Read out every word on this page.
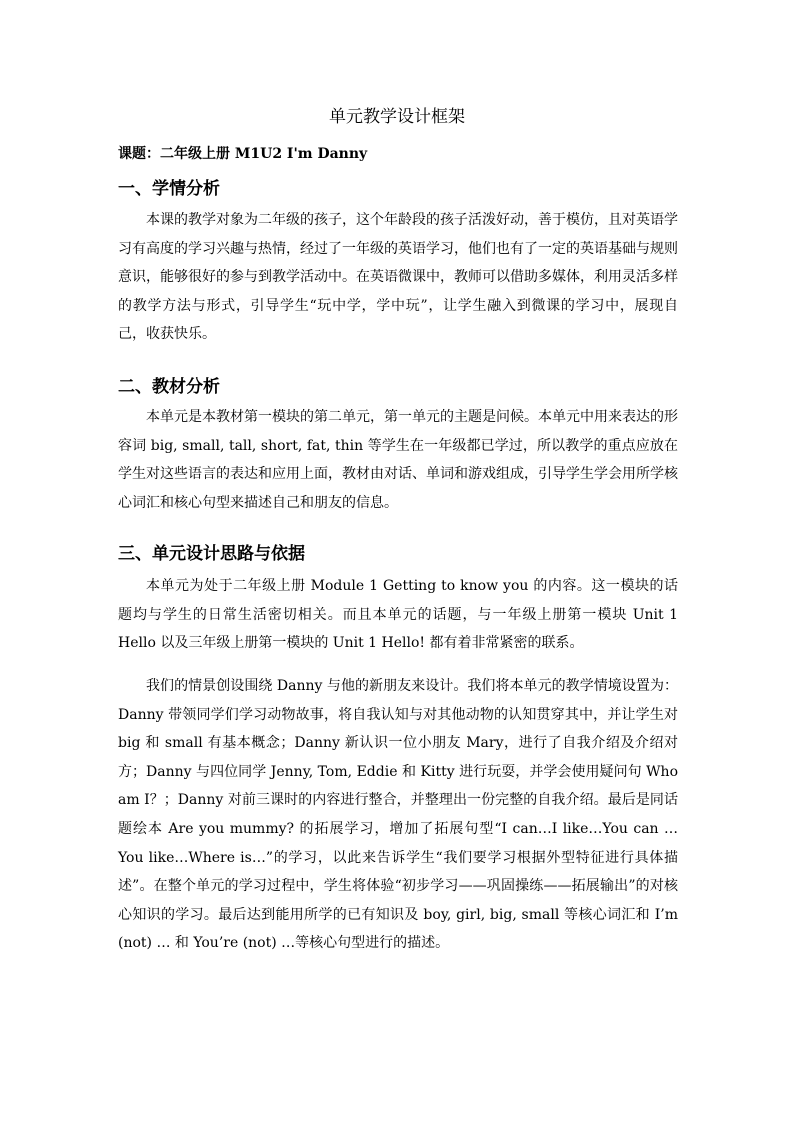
单元教学设计框架
课题：二年级上册 M1U2 I'm Danny
一、学情分析

本课的教学对象为二年级的孩子，这个年龄段的孩子活泼好动，善于模仿，且对英语学习有高度的学习兴趣与热情，经过了一年级的英语学习，他们也有了一定的英语基础与规则意识，能够很好的参与到教学活动中。在英语微课中，教师可以借助多媒体，利用灵活多样的教学方法与形式，引导学生“玩中学，学中玩”，让学生融入到微课的学习中，展现自己，收获快乐。

二、教材分析

本单元是本教材第一模块的第二单元，第一单元的主题是问候。本单元中用来表达的形容词 big, small, tall, short, fat, thin 等学生在一年级都已学过，所以教学的重点应放在学生对这些语言的表达和应用上面，教材由对话、单词和游戏组成，引导学生学会用所学核心词汇和核心句型来描述自己和朋友的信息。

三、单元设计思路与依据

本单元为处于二年级上册 Module 1 Getting to know you 的内容。这一模块的话题均与学生的日常生活密切相关。而且本单元的话题，与一年级上册第一模块 Unit 1 Hello 以及三年级上册第一模块的 Unit 1 Hello! 都有着非常紧密的联系。

我们的情景创设围绕 Danny 与他的新朋友来设计。我们将本单元的教学情境设置为：Danny 带领同学们学习动物故事，将自我认知与对其他动物的认知贯穿其中，并让学生对 big 和 small 有基本概念；Danny 新认识一位小朋友 Mary，进行了自我介绍及介绍对方；Danny 与四位同学 Jenny, Tom, Eddie 和 Kitty 进行玩耍，并学会使用疑问句 Who am I？；Danny 对前三课时的内容进行整合，并整理出一份完整的自我介绍。最后是同话题绘本 Are you mummy? 的拓展学习，增加了拓展句型“I can…I like…You can …You like…Where is…”的学习，以此来告诉学生“我们要学习根据外型特征进行具体描述”。在整个单元的学习过程中，学生将体验“初步学习——巩固操练——拓展输出”的对核心知识的学习。最后达到能用所学的已有知识及 boy, girl, big, small 等核心词汇和 I’m (not) … 和 You’re (not) …等核心句型进行的描述。
